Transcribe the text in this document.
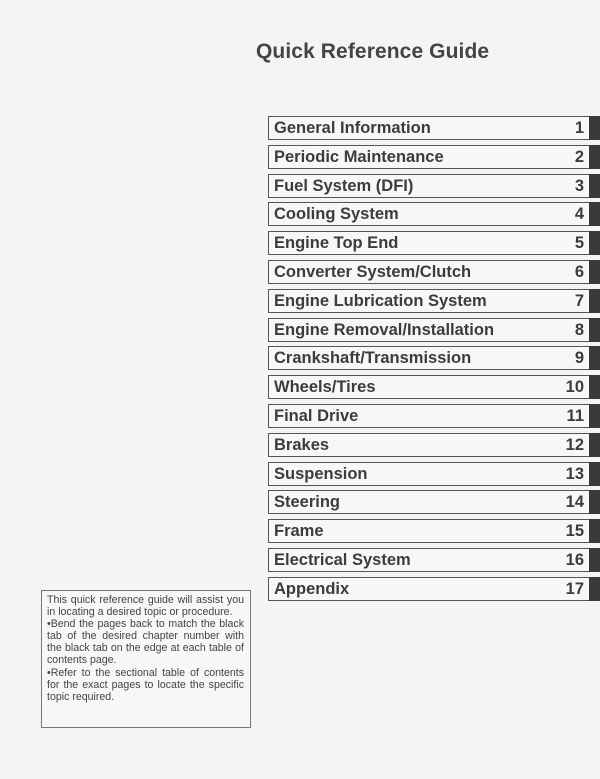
Quick Reference Guide
General Information	1
Periodic Maintenance	2
Fuel System (DFI)	3
Cooling System	4
Engine Top End	5
Converter System/Clutch	6
Engine Lubrication System	7
Engine Removal/Installation	8
Crankshaft/Transmission	9
Wheels/Tires	10
Final Drive	11
Brakes	12
Suspension	13
Steering	14
Frame	15
Electrical System	16
Appendix	17

This quick reference guide will assist you in locating a desired topic or procedure.

•Bend the pages back to match the black tab of the desired chapter number with the black tab on the edge at each table of contents page.

•Refer to the sectional table of contents for the exact pages to locate the specific topic required.
